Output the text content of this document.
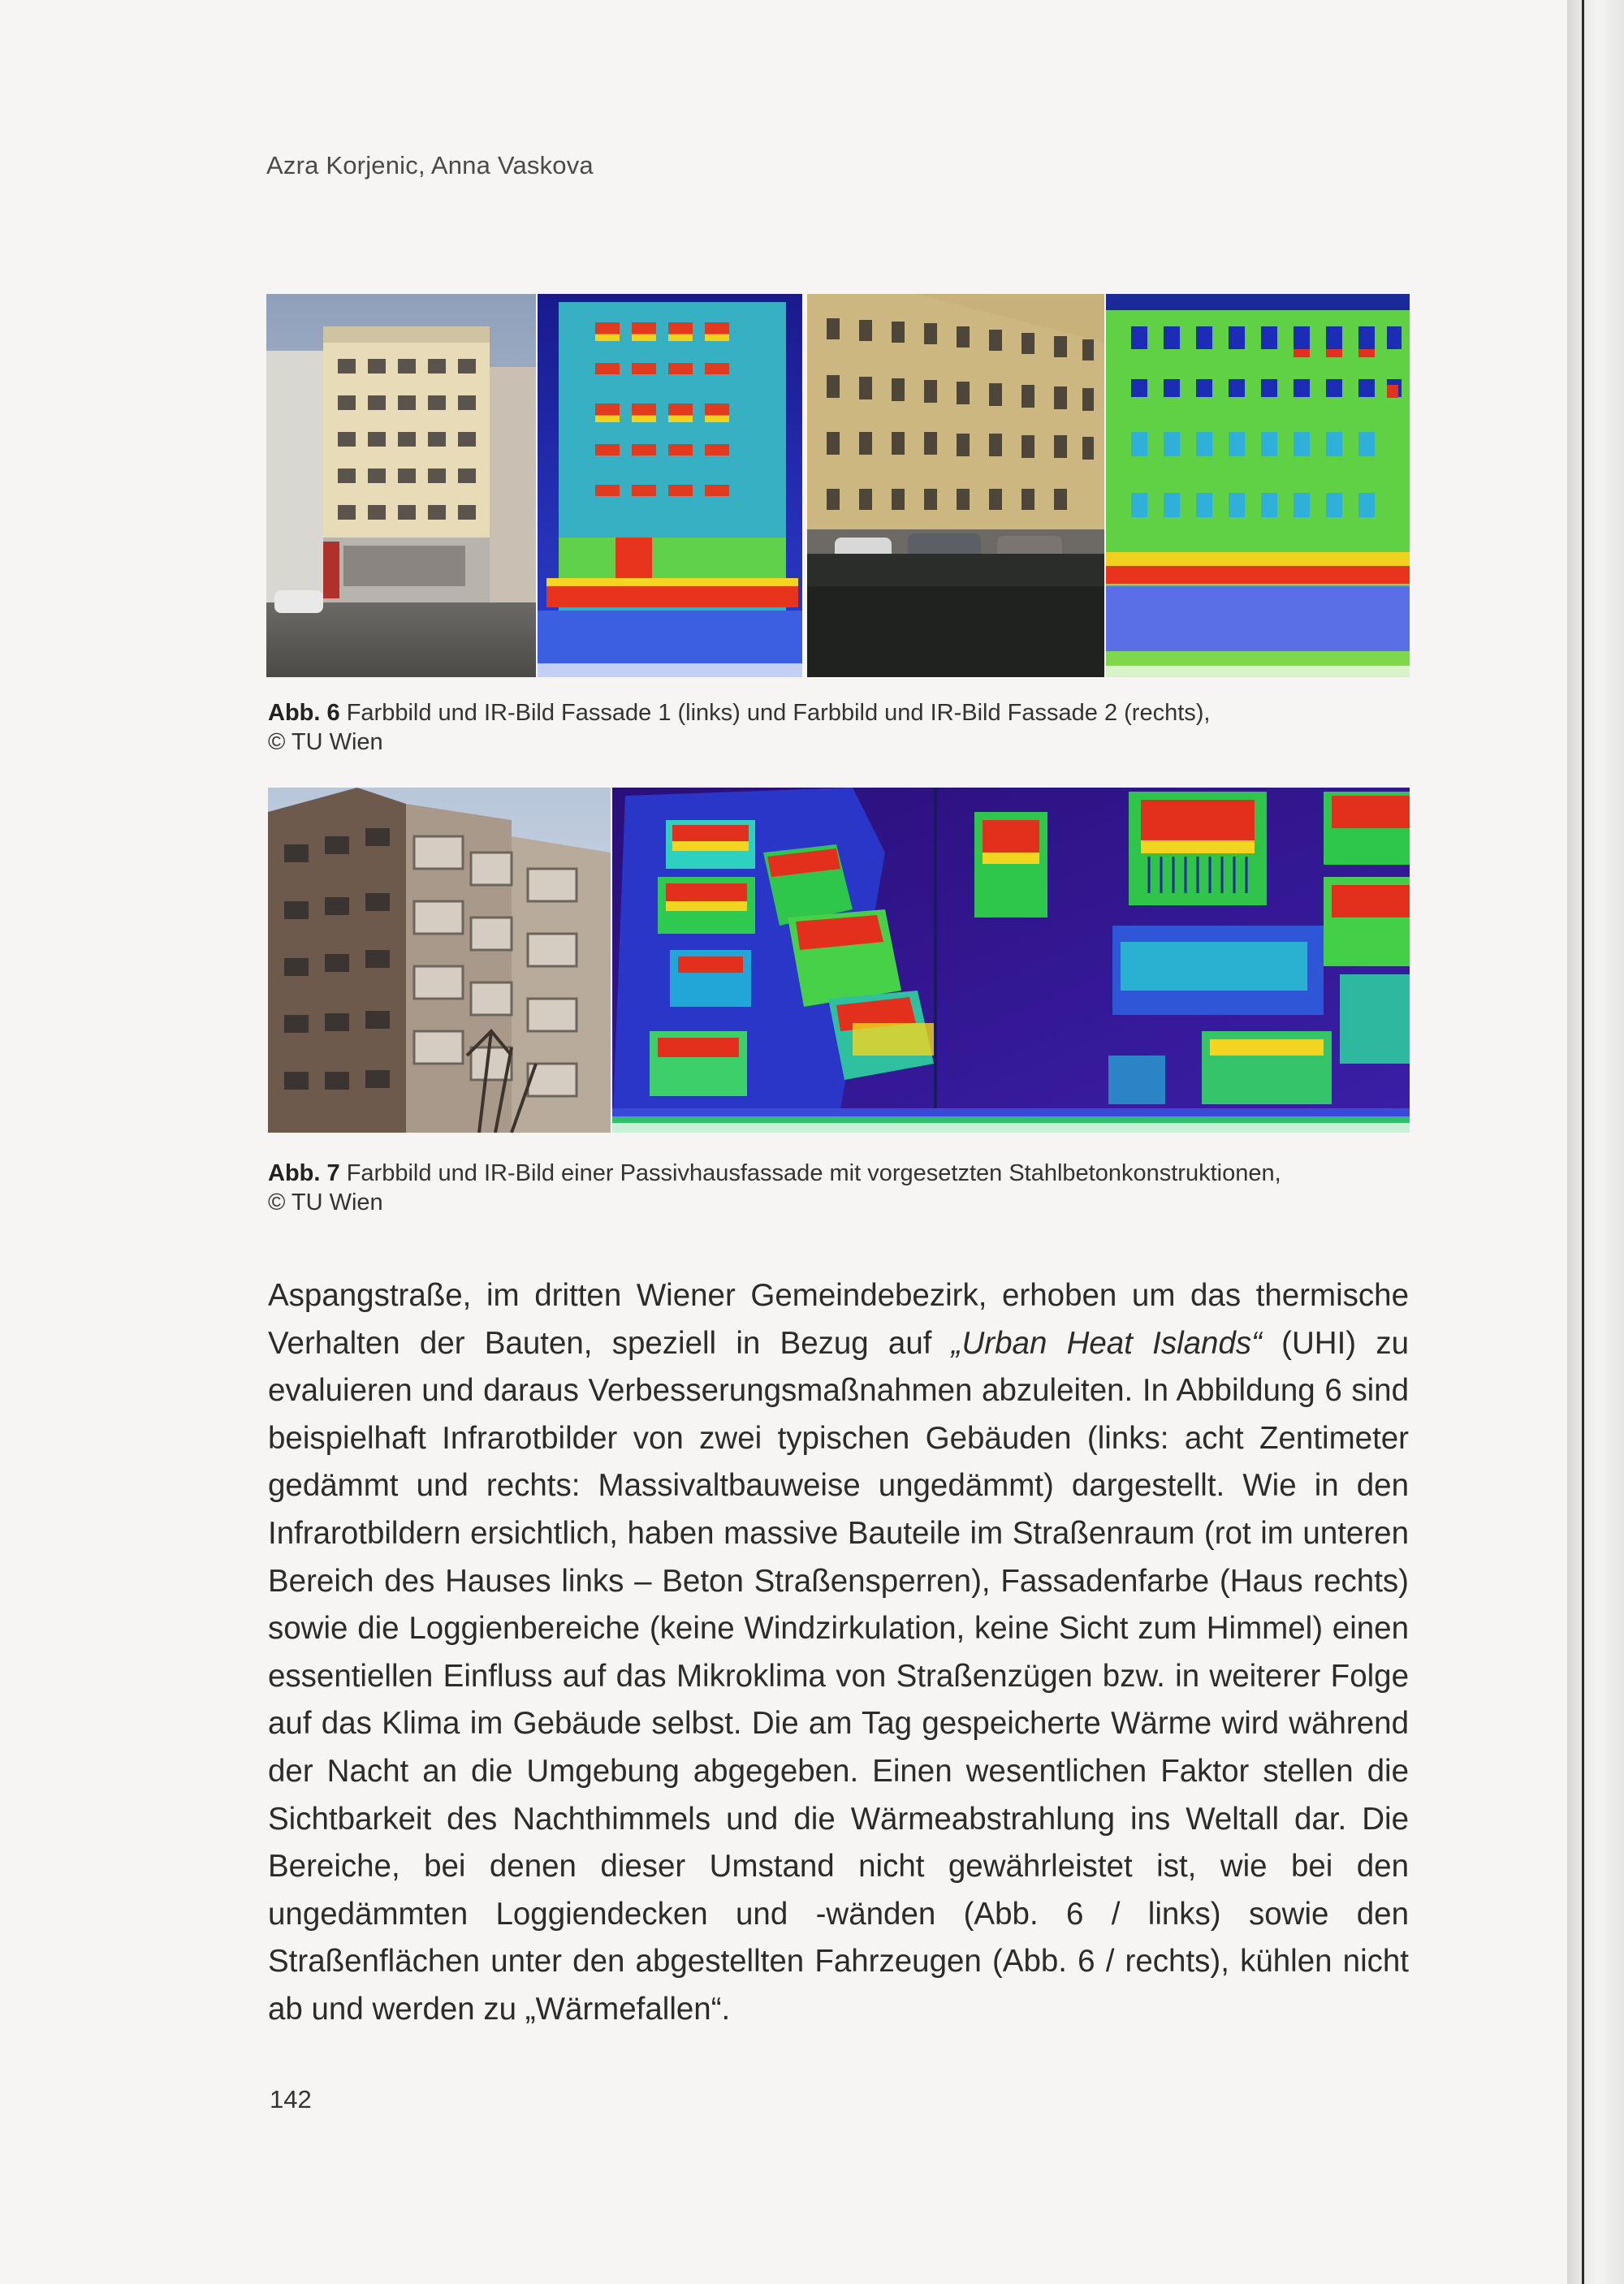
Azra Korjenic, Anna Vaskova
Abb. 6 Farbbild und IR-Bild Fassade 1 (links) und Farbbild und IR-Bild Fassade 2 (rechts),
© TU Wien
Abb. 7 Farbbild und IR-Bild einer Passivhausfassade mit vorgesetzten Stahlbetonkonstruktionen,
© TU Wien

Aspangstraße, im dritten Wiener Gemeindebezirk, erhoben um das thermische Verhalten der Bauten, speziell in Bezug auf „Urban Heat Islands“ (UHI) zu evaluieren und daraus Verbesserungsmaßnahmen abzuleiten. In Abbildung 6 sind beispielhaft Infrarotbilder von zwei typischen Gebäuden (links: acht Zentimeter gedämmt und rechts: Massivaltbauweise ungedämmt) dargestellt. Wie in den Infrarotbildern ersichtlich, haben massive Bauteile im Straßenraum (rot im unteren Bereich des Hauses links – Beton Straßensperren), Fassadenfarbe (Haus rechts) sowie die Loggienbereiche (keine Windzirkulation, keine Sicht zum Himmel) einen essentiellen Einfluss auf das Mikroklima von Straßenzügen bzw. in weiterer Folge auf das Klima im Gebäude selbst. Die am Tag gespeicherte Wärme wird während der Nacht an die Umgebung abgegeben. Einen wesentlichen Faktor stellen die Sichtbarkeit des Nachthimmels und die Wärmeabstrahlung ins Weltall dar. Die Bereiche, bei denen dieser Umstand nicht gewährleistet ist, wie bei den ungedämmten Loggiendecken und -wänden (Abb. 6 / links) sowie den Straßenflächen unter den abgestellten Fahrzeugen (Abb. 6 / rechts), kühlen nicht ab und werden zu „Wärmefallen“.

142
